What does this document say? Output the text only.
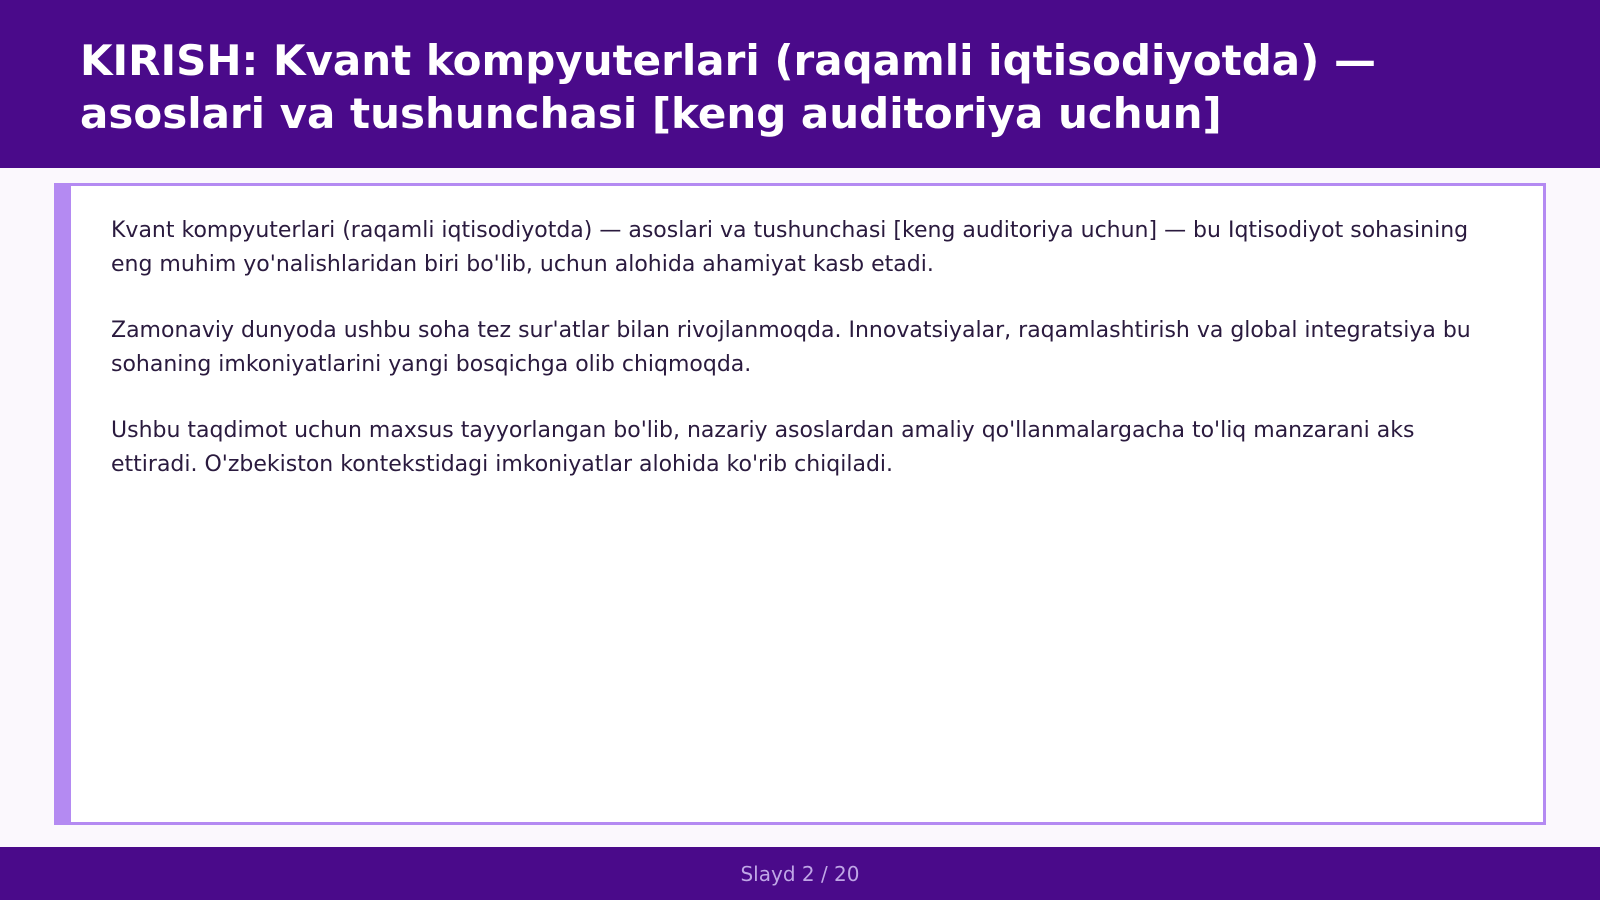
KIRISH: Kvant kompyuterlari (raqamli iqtisodiyotda) — asoslari va tushunchasi [keng auditoriya uchun]

Kvant kompyuterlari (raqamli iqtisodiyotda) — asoslari va tushunchasi [keng auditoriya uchun] — bu Iqtisodiyot sohasining eng muhim yo'nalishlaridan biri bo'lib, uchun alohida ahamiyat kasb etadi.

Zamonaviy dunyoda ushbu soha tez sur'atlar bilan rivojlanmoqda. Innovatsiyalar, raqamlashtirish va global integratsiya bu sohaning imkoniyatlarini yangi bosqichga olib chiqmoqda.

Ushbu taqdimot uchun maxsus tayyorlangan bo'lib, nazariy asoslardan amaliy qo'llanmalargacha to'liq manzarani aks ettiradi. O'zbekiston kontekstidagi imkoniyatlar alohida ko'rib chiqiladi.

Slayd 2 / 20
